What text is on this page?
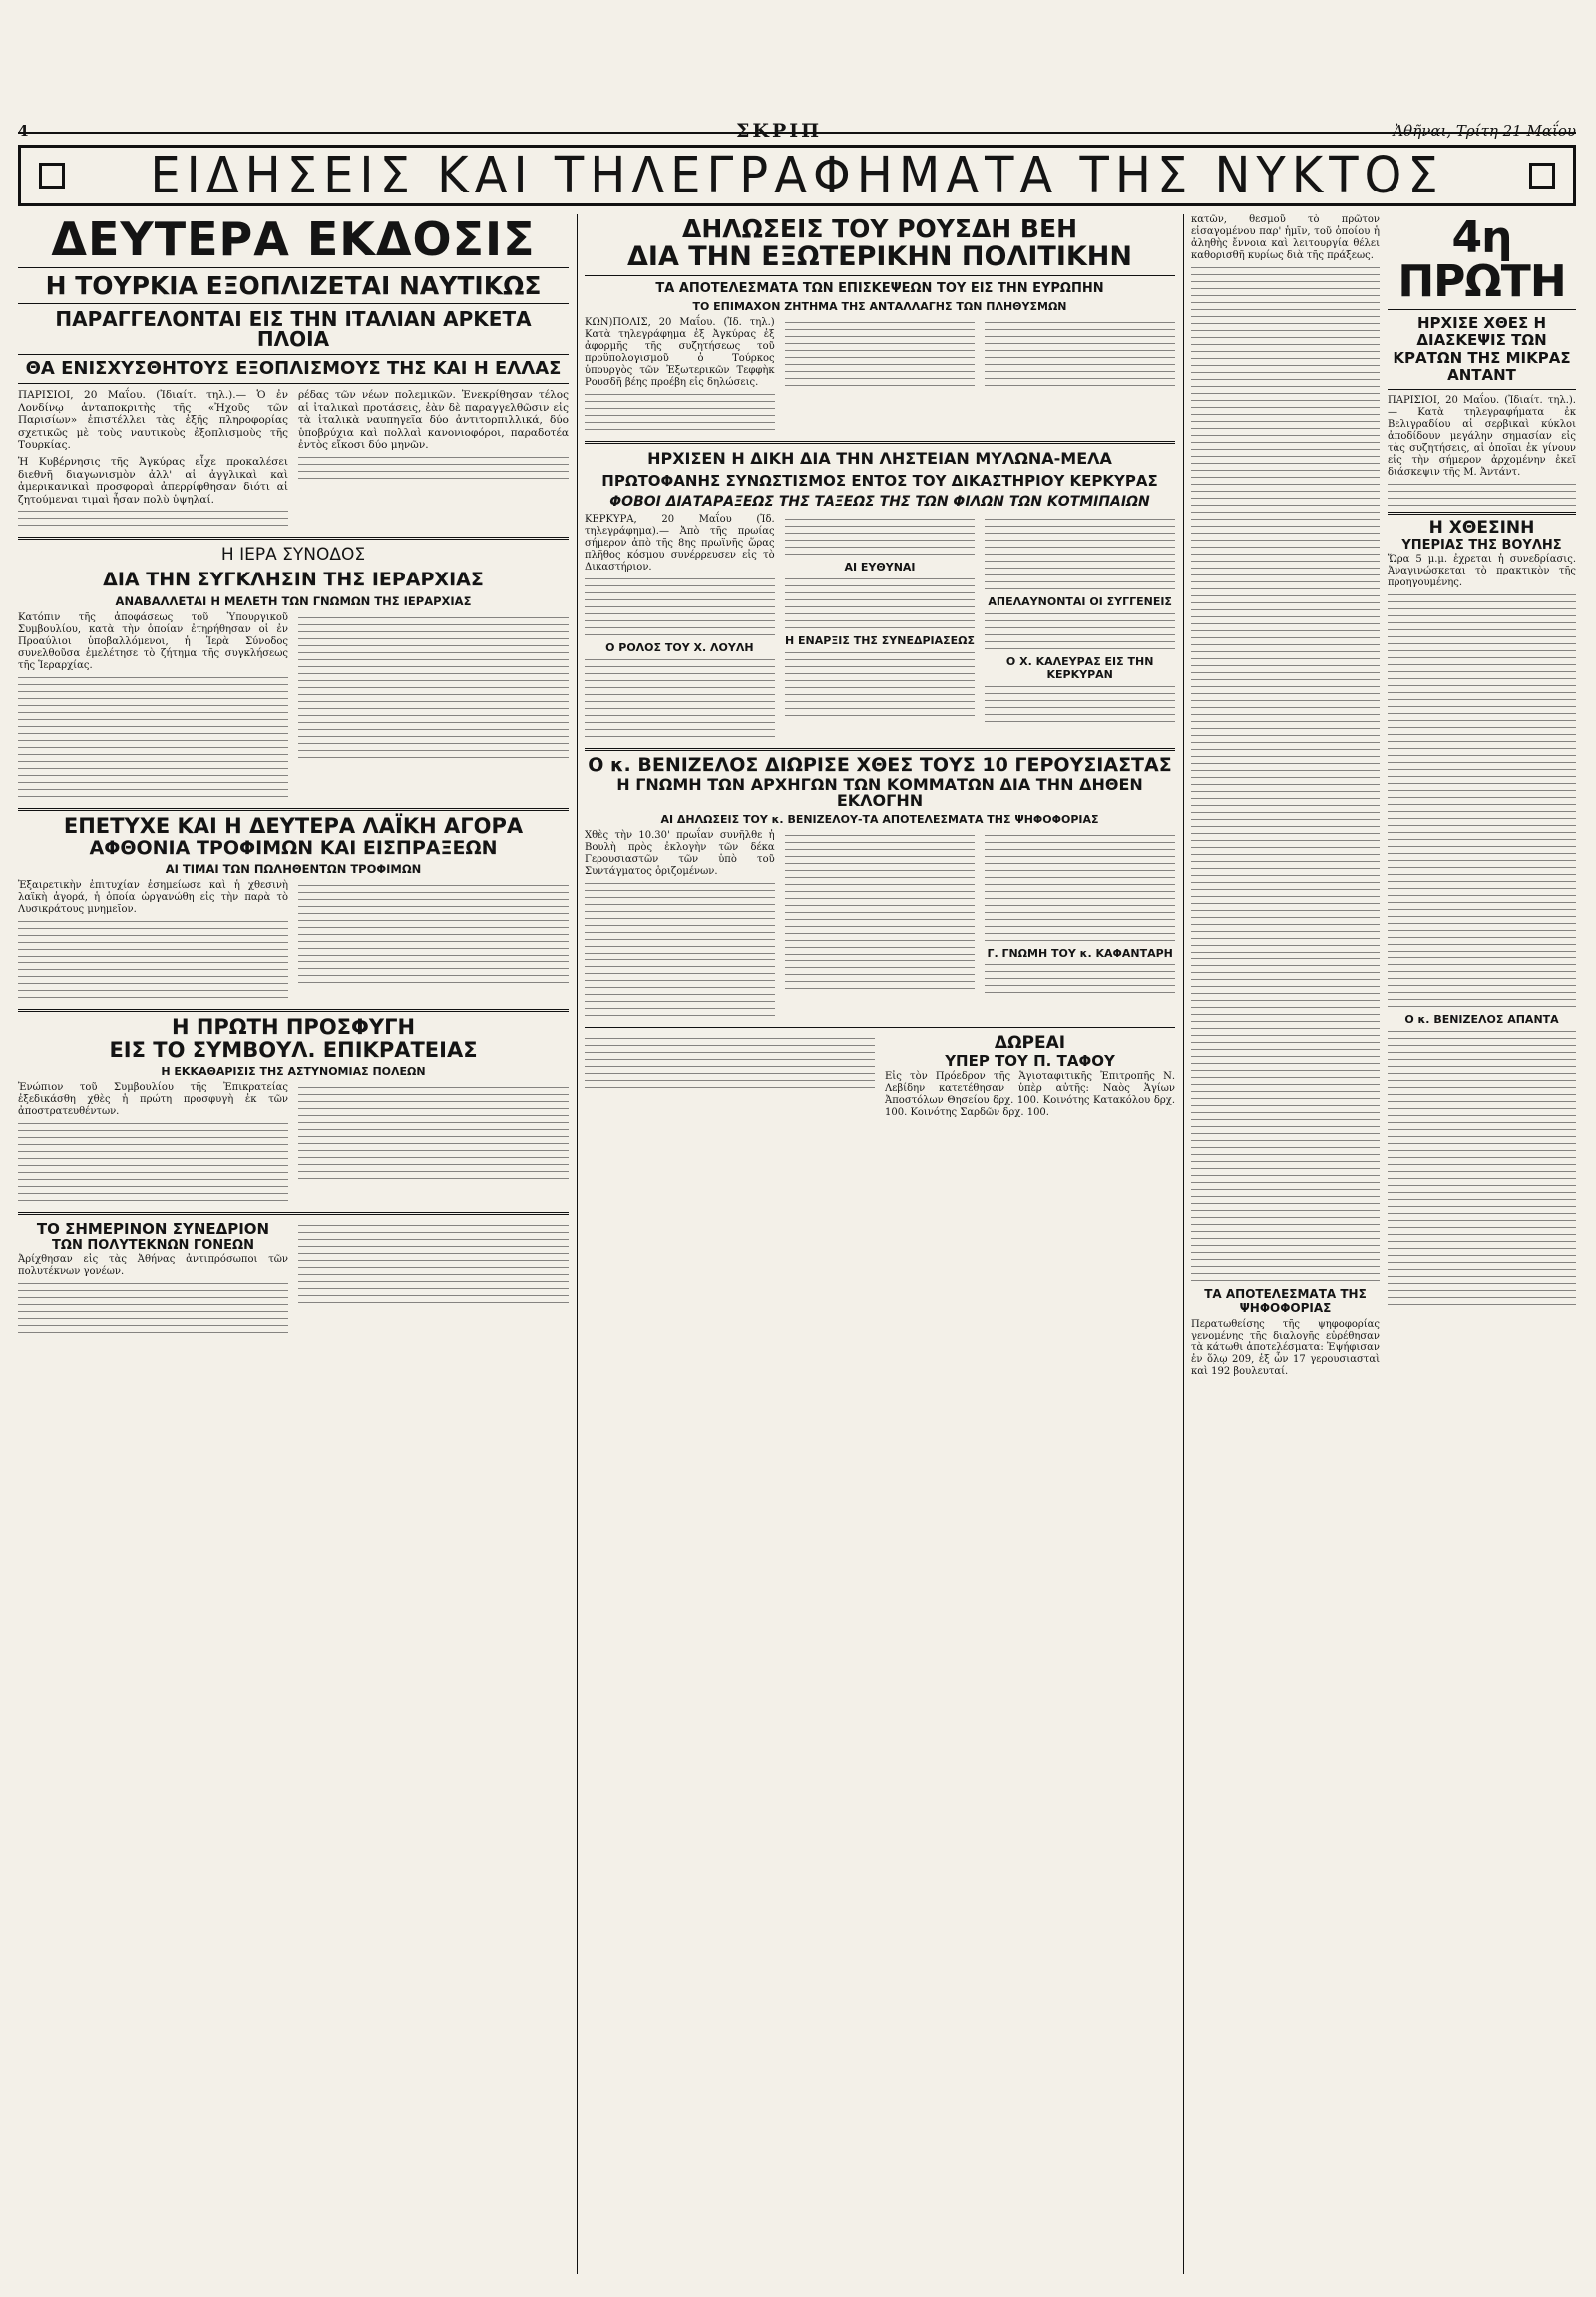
4	ΣΚΡΙΠ	Ἀθῆναι, Τρίτη 21 Μαΐου
ΕΙΔΗΣΕΙΣ ΚΑΙ ΤΗΛΕΓΡΑΦΗΜΑΤΑ ΤΗΣ ΝΥΚΤΟΣ
ΔΕΥΤΕΡΑ ΕΚΔΟΣΙΣ
Η ΤΟΥΡΚΙΑ ΕΞΟΠΛΙΖΕΤΑΙ ΝΑΥΤΙΚΩΣ
ΠΑΡΑΓΓΕΛΟΝΤΑΙ ΕΙΣ ΤΗΝ ΙΤΑΛΙΑΝ ΑΡΚΕΤΑ ΠΛΟΙΑ
ΘΑ ΕΝΙΣΧΥΣΘΗΤΟΥΣ ΕΞΟΠΛΙΣΜΟΥΣ ΤΗΣ ΚΑΙ Η ΕΛΛΑΣ

ΠΑΡΙΣΙΟΙ, 20 Μαΐου. (Ἰδιαίτ. τηλ.).— Ὁ ἐν Λονδίνῳ ἀνταποκριτὴς τῆς «Ἠχοῦς τῶν Παρισίων» ἐπιστέλλει τὰς ἑξῆς πληροφορίας σχετικῶς μὲ τοὺς ναυτικοὺς ἐξοπλισμοὺς τῆς Τουρκίας.

Ἡ Κυβέρνησις τῆς Ἀγκύρας εἶχε προκαλέσει διεθνῆ διαγωνισμὸν ἀλλ' αἱ ἀγγλικαὶ καὶ ἀμερικανικαὶ προσφοραὶ ἀπερρίφθησαν διότι αἱ ζητούμεναι τιμαὶ ἦσαν πολὺ ὑψηλαί.

ρέδας τῶν νέων πολεμικῶν. Ἐνεκρίθησαν τέλος αἱ ἰταλικαὶ προτάσεις, ἐὰν δὲ παραγγελθῶσιν εἰς τὰ ἰταλικὰ ναυπηγεῖα δύο ἀντιτορπιλλικά, δύο ὑποβρύχια καὶ πολλαὶ κανονιοφόροι, παραδοτέα ἐντὸς εἴκοσι δύο μηνῶν.

Η ΙΕΡΑ ΣΥΝΟΔΟΣ
ΔΙΑ ΤΗΝ ΣΥΓΚΛΗΣΙΝ ΤΗΣ ΙΕΡΑΡΧΙΑΣ
ΑΝΑΒΑΛΛΕΤΑΙ Η ΜΕΛΕΤΗ ΤΩΝ ΓΝΩΜΩΝ ΤΗΣ ΙΕΡΑΡΧΙΑΣ

Κατόπιν τῆς ἀποφάσεως τοῦ Ὑπουργικοῦ Συμβουλίου, κατὰ τὴν ὁποίαν ἐτηρήθησαν οἱ ἐν Προαύλιοι ὑποβαλλόμενοι, ἡ Ἱερὰ Σύνοδος συνελθοῦσα ἐμελέτησε τὸ ζήτημα τῆς συγκλήσεως τῆς Ἱεραρχίας.

ΕΠΕΤΥΧΕ ΚΑΙ Η ΔΕΥΤΕΡΑ ΛΑΪΚΗ ΑΓΟΡΑ
ΑΦΘΟΝΙΑ ΤΡΟΦΙΜΩΝ ΚΑΙ ΕΙΣΠΡΑΞΕΩΝ
ΑΙ ΤΙΜΑΙ ΤΩΝ ΠΩΛΗΘΕΝΤΩΝ ΤΡΟΦΙΜΩΝ

Ἐξαιρετικὴν ἐπιτυχίαν ἐσημείωσε καὶ ἡ χθεσινὴ λαϊκὴ ἀγορά, ἡ ὁποία ὠργανώθη εἰς τὴν παρὰ τὸ Λυσικράτους μνημεῖον.

Η ΠΡΩΤΗ ΠΡΟΣΦΥΓΗ
ΕΙΣ ΤΟ ΣΥΜΒΟΥΛ. ΕΠΙΚΡΑΤΕΙΑΣ
Η ΕΚΚΑΘΑΡΙΣΙΣ ΤΗΣ ΑΣΤΥΝΟΜΙΑΣ ΠΟΛΕΩΝ

Ἐνώπιον τοῦ Συμβουλίου τῆς Ἐπικρατείας ἐξεδικάσθη χθὲς ἡ πρώτη προσφυγὴ ἐκ τῶν ἀποστρατευθέντων.

ΤΟ ΣΗΜΕΡΙΝΟΝ ΣΥΝΕΔΡΙΟΝ
ΤΩΝ ΠΟΛΥΤΕΚΝΩΝ ΓΟΝΕΩΝ

Ἀρίχθησαν εἰς τὰς Ἀθήνας ἀντιπρόσωποι τῶν πολυτέκνων γονέων.

ΔΗΛΩΣΕΙΣ ΤΟΥ ΡΟΥΣΔΗ ΒΕΗ
ΔΙΑ ΤΗΝ ΕΞΩΤΕΡΙΚΗΝ ΠΟΛΙΤΙΚΗΝ
ΤΑ ΑΠΟΤΕΛΕΣΜΑΤΑ ΤΩΝ ΕΠΙΣΚΕΨΕΩΝ ΤΟΥ ΕΙΣ ΤΗΝ ΕΥΡΩΠΗΝ
ΤΟ ΕΠΙΜΑΧΟΝ ΖΗΤΗΜΑ ΤΗΣ ΑΝΤΑΛΛΑΓΗΣ ΤΩΝ ΠΛΗΘΥΣΜΩΝ

ΚΩΝ)ΠΟΛΙΣ, 20 Μαΐου. (Ἰδ. τηλ.) Κατὰ τηλεγράφημα ἐξ Ἀγκύρας ἐξ ἀφορμῆς τῆς συζητήσεως τοῦ προϋπολογισμοῦ ὁ Τούρκος ὑπουργὸς τῶν Ἐξωτερικῶν Τεφφὴκ Ρουσδῆ βέης προέβη εἰς δηλώσεις.

ΗΡΧΙΣΕΝ Η ΔΙΚΗ ΔΙΑ ΤΗΝ ΛΗΣΤΕΙΑΝ ΜΥΛΩΝΑ-ΜΕΛΑ
ΠΡΩΤΟΦΑΝΗΣ ΣΥΝΩΣΤΙΣΜΟΣ ΕΝΤΟΣ ΤΟΥ ΔΙΚΑΣΤΗΡΙΟΥ ΚΕΡΚΥΡΑΣ
ΦΟΒΟΙ ΔΙΑΤΑΡΑΞΕΩΣ ΤΗΣ ΤΑΞΕΩΣ ΤΗΣ ΤΩΝ ΦΙΛΩΝ ΤΩΝ ΚΟΤΜΙΠΑΙΩΝ

ΚΕΡΚΥΡΑ, 20 Μαΐου (Ἰδ. τηλεγράφημα).— Ἀπὸ τῆς πρωίας σήμερον ἀπὸ τῆς 8ης πρωϊνῆς ὥρας πλῆθος κόσμου συνέρρευσεν εἰς τὸ Δικαστήριον.

Ο ΡΟΛΟΣ ΤΟΥ Χ. ΛΟΥΛΗ
ΑΙ ΕΥΘΥΝΑΙ
Η ΕΝΑΡΞΙΣ ΤΗΣ ΣΥΝΕΔΡΙΑΣΕΩΣ
ΑΠΕΛΑΥΝΟΝΤΑΙ ΟΙ ΣΥΓΓΕΝΕΙΣ
Ο Χ. ΚΑΛΕΥΡΑΣ ΕΙΣ ΤΗΝ ΚΕΡΚΥΡΑΝ
Ο κ. ΒΕΝΙΖΕΛΟΣ ΔΙΩΡΙΣΕ ΧΘΕΣ ΤΟΥΣ 10 ΓΕΡΟΥΣΙΑΣΤΑΣ
Η ΓΝΩΜΗ ΤΩΝ ΑΡΧΗΓΩΝ ΤΩΝ ΚΟΜΜΑΤΩΝ ΔΙΑ ΤΗΝ ΔΗΘΕΝ ΕΚΛΟΓΗΝ
ΑΙ ΔΗΛΩΣΕΙΣ ΤΟΥ κ. ΒΕΝΙΖΕΛΟΥ-ΤΑ ΑΠΟΤΕΛΕΣΜΑΤΑ ΤΗΣ ΨΗΦΟΦΟΡΙΑΣ

Χθὲς τὴν 10.30' πρωΐαν συνῆλθε ἡ Βουλὴ πρὸς ἐκλογὴν τῶν δέκα Γερουσιαστῶν τῶν ὑπὸ τοῦ Συντάγματος ὁριζομένων.

Γ. ΓΝΩΜΗ ΤΟΥ κ. ΚΑΦΑΝΤΑΡΗ
ΔΩΡΕΑΙ
ΥΠΕΡ ΤΟΥ Π. ΤΑΦΟΥ

Εἰς τὸν Πρόεδρον τῆς Ἁγιοταφιτικῆς Ἐπιτροπῆς Ν. Λεβίδην κατετέθησαν ὑπὲρ αὐτῆς: Ναὸς Ἁγίων Ἀποστόλων Θησείου δρχ. 100. Κοινότης Κατακόλου δρχ. 100. Κοινότης Σαρδῶν δρχ. 100.

κατῶν, θεσμοῦ τὸ πρῶτον εἰσαγομένου παρ' ἡμῖν, τοῦ ὁποίου ἡ ἀληθὴς ἔννοια καὶ λειτουργία θέλει καθορισθῆ κυρίως διὰ τῆς πράξεως.

ΤΑ ΑΠΟΤΕΛΕΣΜΑΤΑ ΤΗΣ ΨΗΦΟΦΟΡΙΑΣ

Περατωθείσης τῆς ψηφοφορίας γενομένης τῆς διαλογῆς εὑρέθησαν τὰ κάτωθι ἀποτελέσματα: Ἐψήφισαν ἐν ὅλῳ 209, ἐξ ὧν 17 γερουσιασταὶ καὶ 192 βουλευταί.

4η ΠΡΩΤΗ
ΗΡΧΙΣΕ ΧΘΕΣ Η ΔΙΑΣΚΕΨΙΣ ΤΩΝ ΚΡΑΤΩΝ ΤΗΣ ΜΙΚΡΑΣ ΑΝΤΑΝΤ

ΠΑΡΙΣΙΟΙ, 20 Μαΐου. (Ἰδιαίτ. τηλ.).— Κατὰ τηλεγραφήματα ἐκ Βελιγραδίου αἱ σερβικαὶ κύκλοι ἀποδίδουν μεγάλην σημασίαν εἰς τὰς συζητήσεις, αἱ ὁποῖαι ἐκ γίνουν εἰς τὴν σήμερον ἀρχομένην ἐκεῖ διάσκεψιν τῆς Μ. Ἀντάντ.

Η ΧΘΕΣΙΝΗ
ΥΠΕΡΙΑΣ ΤΗΣ ΒΟΥΛΗΣ

Ὥρα 5 μ.μ. ἐχρεται ἡ συνεδρίασις. Ἀναγινώσκεται τὸ πρακτικὸν τῆς προηγουμένης.

Ο κ. ΒΕΝΙΖΕΛΟΣ ΑΠΑΝΤΑ
